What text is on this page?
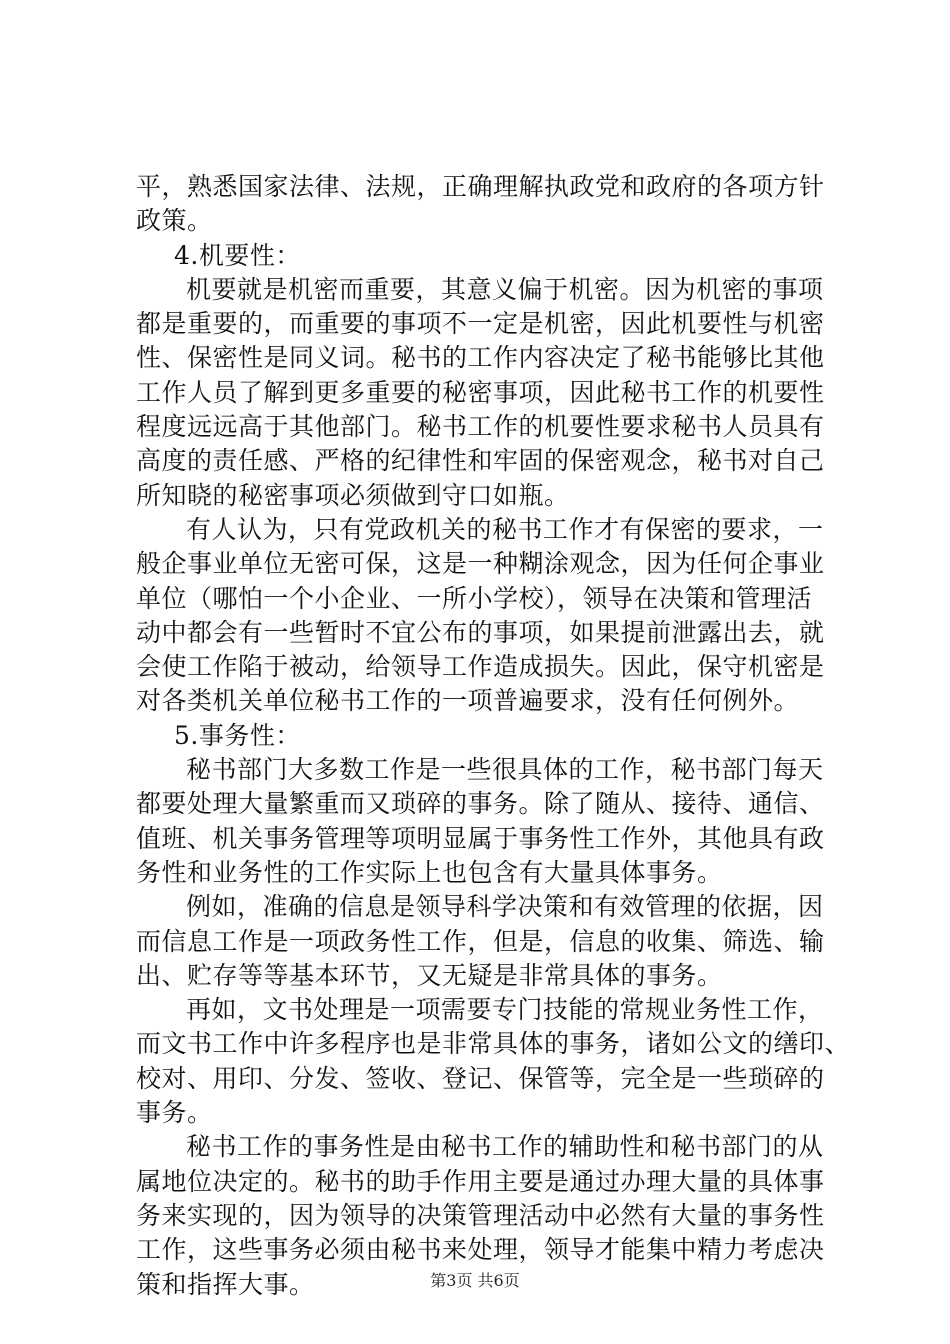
平，熟悉国家法律、法规，正确理解执政党和政府的各项方针
政策。
4.机要性：
机要就是机密而重要，其意义偏于机密。因为机密的事项
都是重要的，而重要的事项不一定是机密，因此机要性与机密
性、保密性是同义词。秘书的工作内容决定了秘书能够比其他
工作人员了解到更多重要的秘密事项，因此秘书工作的机要性
程度远远高于其他部门。秘书工作的机要性要求秘书人员具有
高度的责任感、严格的纪律性和牢固的保密观念，秘书对自己
所知晓的秘密事项必须做到守口如瓶。
有人认为，只有党政机关的秘书工作才有保密的要求，一
般企事业单位无密可保，这是一种糊涂观念，因为任何企事业
单位（哪怕一个小企业、一所小学校），领导在决策和管理活
动中都会有一些暂时不宜公布的事项，如果提前泄露出去，就
会使工作陷于被动，给领导工作造成损失。因此，保守机密是
对各类机关单位秘书工作的一项普遍要求，没有任何例外。
5.事务性：
秘书部门大多数工作是一些很具体的工作，秘书部门每天
都要处理大量繁重而又琐碎的事务。除了随从、接待、通信、
值班、机关事务管理等项明显属于事务性工作外，其他具有政
务性和业务性的工作实际上也包含有大量具体事务。
例如，准确的信息是领导科学决策和有效管理的依据，因
而信息工作是一项政务性工作，但是，信息的收集、筛选、输
出、贮存等等基本环节，又无疑是非常具体的事务。
再如，文书处理是一项需要专门技能的常规业务性工作，
而文书工作中许多程序也是非常具体的事务，诸如公文的缮印、
校对、用印、分发、签收、登记、保管等，完全是一些琐碎的
事务。
秘书工作的事务性是由秘书工作的辅助性和秘书部门的从
属地位决定的。秘书的助手作用主要是通过办理大量的具体事
务来实现的，因为领导的决策管理活动中必然有大量的事务性
工作，这些事务必须由秘书来处理，领导才能集中精力考虑决
策和指挥大事。	第3页 共6页
